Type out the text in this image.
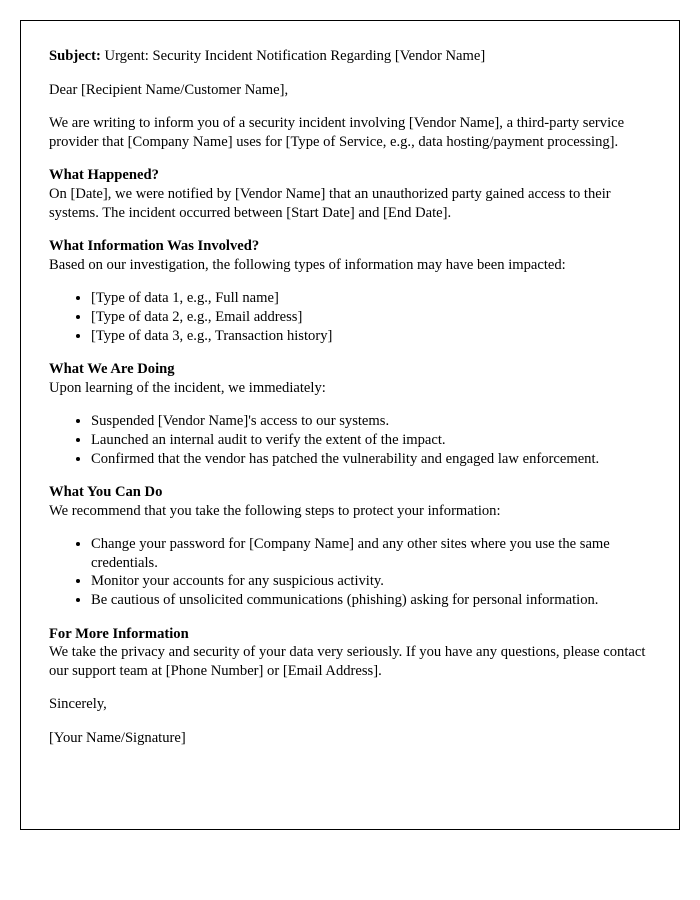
Subject: Urgent: Security Incident Notification Regarding [Vendor Name]

Dear [Recipient Name/Customer Name],

We are writing to inform you of a security incident involving [Vendor Name], a third-party service provider that [Company Name] uses for [Type of Service, e.g., data hosting/payment processing].

What Happened?

On [Date], we were notified by [Vendor Name] that an unauthorized party gained access to their systems. The incident occurred between [Start Date] and [End Date].

What Information Was Involved?

Based on our investigation, the following types of information may have been impacted:

• [Type of data 1, e.g., Full name]
• [Type of data 2, e.g., Email address]
• [Type of data 3, e.g., Transaction history]
What We Are Doing

Upon learning of the incident, we immediately:

• Suspended [Vendor Name]'s access to our systems.
• Launched an internal audit to verify the extent of the impact.
• Confirmed that the vendor has patched the vulnerability and engaged law enforcement.
What You Can Do

We recommend that you take the following steps to protect your information:

• Change your password for [Company Name] and any other sites where you use the same credentials.
• Monitor your accounts for any suspicious activity.
• Be cautious of unsolicited communications (phishing) asking for personal information.
For More Information

We take the privacy and security of your data very seriously. If you have any questions, please contact our support team at [Phone Number] or [Email Address].

Sincerely,

[Your Name/Signature]
